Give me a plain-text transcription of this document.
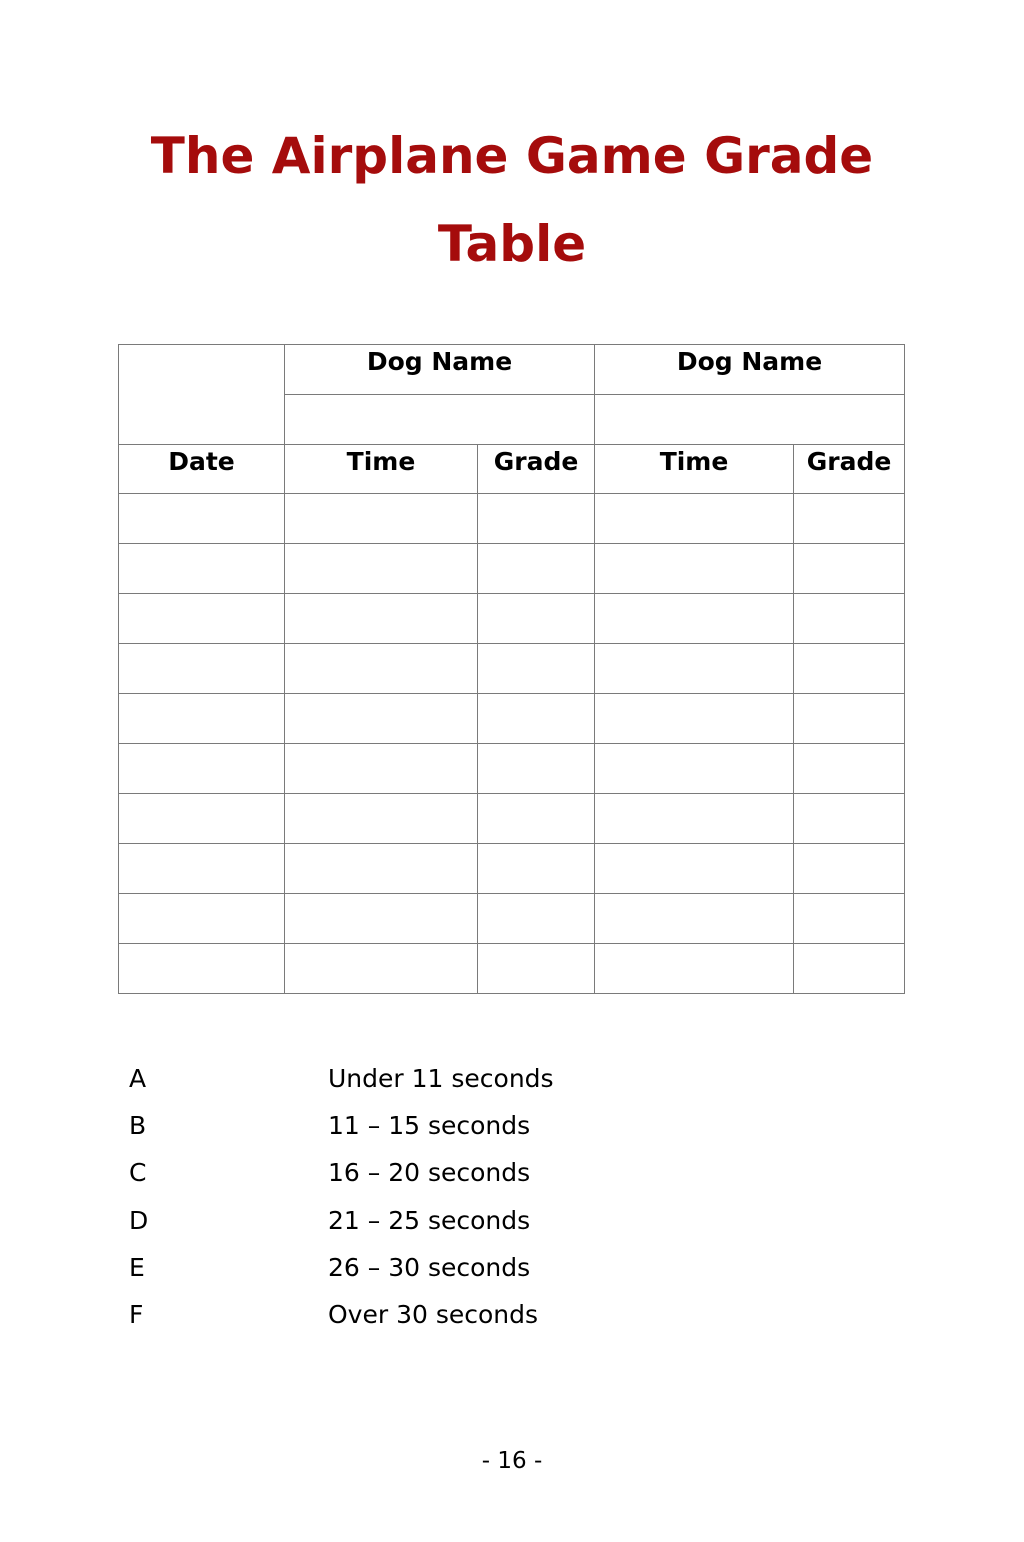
The Airplane Game Grade
Table

	Dog Name		Dog Name	

Date	Time	Grade	Time	Grade

A	Under 11 seconds
B	11 – 15 seconds
C	16 – 20 seconds
D	21 – 25 seconds
E	26 – 30 seconds
F	Over 30 seconds
- 16 -
